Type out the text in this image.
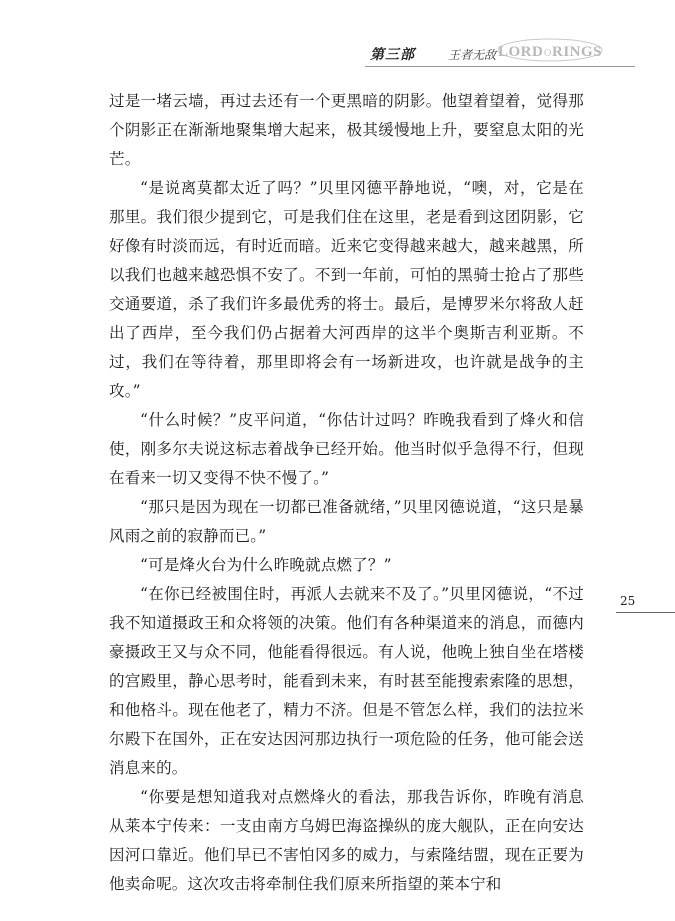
第三部	王者无敌 LORD O RINGS

过是一堵云墙，再过去还有一个更黑暗的阴影。他望着望着，觉得那个阴影正在渐渐地聚集增大起来，极其缓慢地上升，要窒息太阳的光芒。

“是说离莫都太近了吗？”贝里冈德平静地说，“噢，对，它是在那里。我们很少提到它，可是我们住在这里，老是看到这团阴影，它好像有时淡而远，有时近而暗。近来它变得越来越大，越来越黑，所以我们也越来越恐惧不安了。不到一年前，可怕的黑骑士抢占了那些交通要道，杀了我们许多最优秀的将士。最后，是博罗米尔将敌人赶出了西岸，至今我们仍占据着大河西岸的这半个奥斯吉利亚斯。不过，我们在等待着，那里即将会有一场新进攻，也许就是战争的主攻。”

“什么时候？”皮平问道，“你估计过吗？昨晚我看到了烽火和信使，刚多尔夫说这标志着战争已经开始。他当时似乎急得不行，但现在看来一切又变得不快不慢了。”

“那只是因为现在一切都已准备就绪，”贝里冈德说道，“这只是暴风雨之前的寂静而已。”

“可是烽火台为什么昨晚就点燃了？”

“在你已经被围住时，再派人去就来不及了。”贝里冈德说，“不过我不知道摄政王和众将领的决策。他们有各种渠道来的消息，而德内豪摄政王又与众不同，他能看得很远。有人说，他晚上独自坐在塔楼的宫殿里，静心思考时，能看到未来，有时甚至能搜索索隆的思想，和他格斗。现在他老了，精力不济。但是不管怎么样，我们的法拉米尔殿下在国外，正在安达因河那边执行一项危险的任务，他可能会送消息来的。

“你要是想知道我对点燃烽火的看法，那我告诉你，昨晚有消息从莱本宁传来：一支由南方乌姆巴海盗操纵的庞大舰队，正在向安达因河口靠近。他们早已不害怕冈多的威力，与索隆结盟，现在正要为他卖命呢。这次攻击将牵制住我们原来所指望的莱本宁和

25
